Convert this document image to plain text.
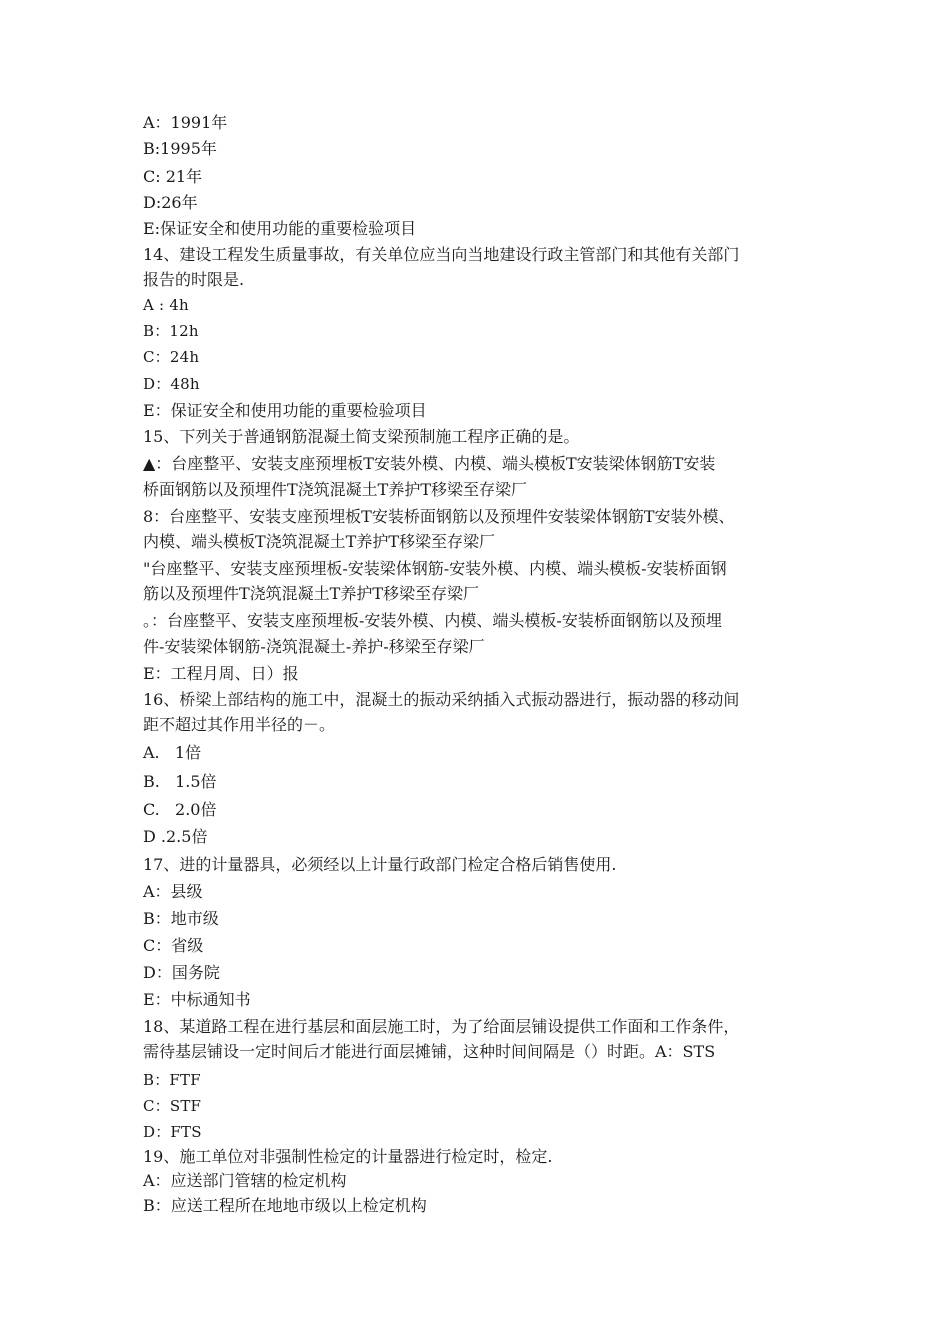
A：1991年
B:1995年
C: 21年
D:26年
E:保证安全和使用功能的重要检验项目
14、建设工程发生质量事故，有关单位应当向当地建设行政主管部门和其他有关部门
报告的时限是.
A : 4h
B：12h
C：24h
D：48h
E：保证安全和使用功能的重要检验项目
15、下列关于普通钢筋混凝土简支梁预制施工程序正确的是。
▲：台座整平、安装支座预埋板T安装外模、内模、端头模板T安装梁体钢筋T安装
桥面钢筋以及预埋件T浇筑混凝土T养护T移梁至存梁厂
8：台座整平、安装支座预埋板T安装桥面钢筋以及预埋件安装梁体钢筋T安装外模、
内模、端头模板T浇筑混凝土T养护T移梁至存梁厂
"台座整平、安装支座预埋板-安装梁体钢筋-安装外模、内模、端头模板-安装桥面钢
筋以及预埋件T浇筑混凝土T养护T移梁至存梁厂
。：台座整平、安装支座预埋板-安装外模、内模、端头模板-安装桥面钢筋以及预埋
件-安装梁体钢筋-浇筑混凝土-养护-移梁至存梁厂
E：工程月周、日）报
16、桥梁上部结构的施工中，混凝土的振动采纳插入式振动器进行，振动器的移动间
距不超过其作用半径的－。
A.   1倍
B.   1.5倍
C.   2.0倍
D .2.5倍
17、进的计量器具，必须经以上计量行政部门检定合格后销售使用.
A：县级
B：地市级
C：省级
D：国务院
E：中标通知书
18、某道路工程在进行基层和面层施工时，为了给面层铺设提供工作面和工作条件，
需待基层铺设一定时间后才能进行面层摊铺，这种时间间隔是（）时距。A：STS
B：FTF
C：STF
D：FTS
19、施工单位对非强制性检定的计量器进行检定时，检定.
A：应送部门管辖的检定机构
B：应送工程所在地地市级以上检定机构
